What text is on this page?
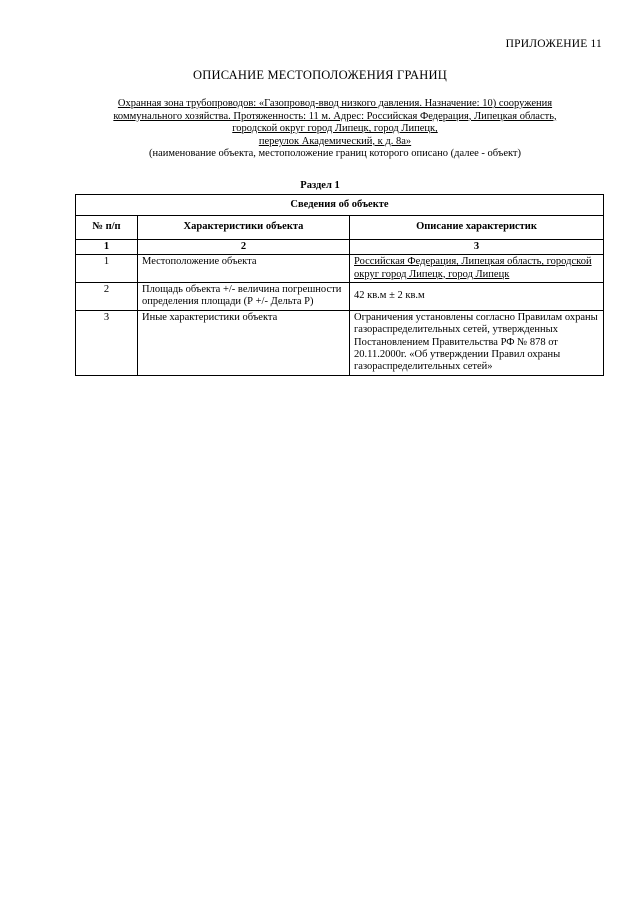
ПРИЛОЖЕНИЕ 11
ОПИСАНИЕ МЕСТОПОЛОЖЕНИЯ ГРАНИЦ
Охранная зона трубопроводов: «Газопровод-ввод низкого давления. Назначение: 10) сооружения
коммунального хозяйства. Протяженность: 11 м. Адрес: Российская Федерация, Липецкая область,
городской округ город Липецк, город Липецк,
переулок Академический, к д. 8а»
(наименование объекта, местоположение границ которого описано (далее - объект)
Раздел 1
Сведения об объекте		
№ п/п	Характеристики объекта	Описание характеристик
1	2	3
1	Местоположение объекта	Российская Федерация, Липецкая область, городской округ город Липецк, город Липецк
2	Площадь объекта +/- величина погрешности определения площади (Р +/- Дельта Р)	42 кв.м ± 2 кв.м
3	Иные характеристики объекта	Ограничения установлены согласно Правилам охраны газораспределительных сетей, утвержденных Постановлением Правительства РФ № 878 от 20.11.2000г. «Об утверждении Правил охраны газораспределительных сетей»
